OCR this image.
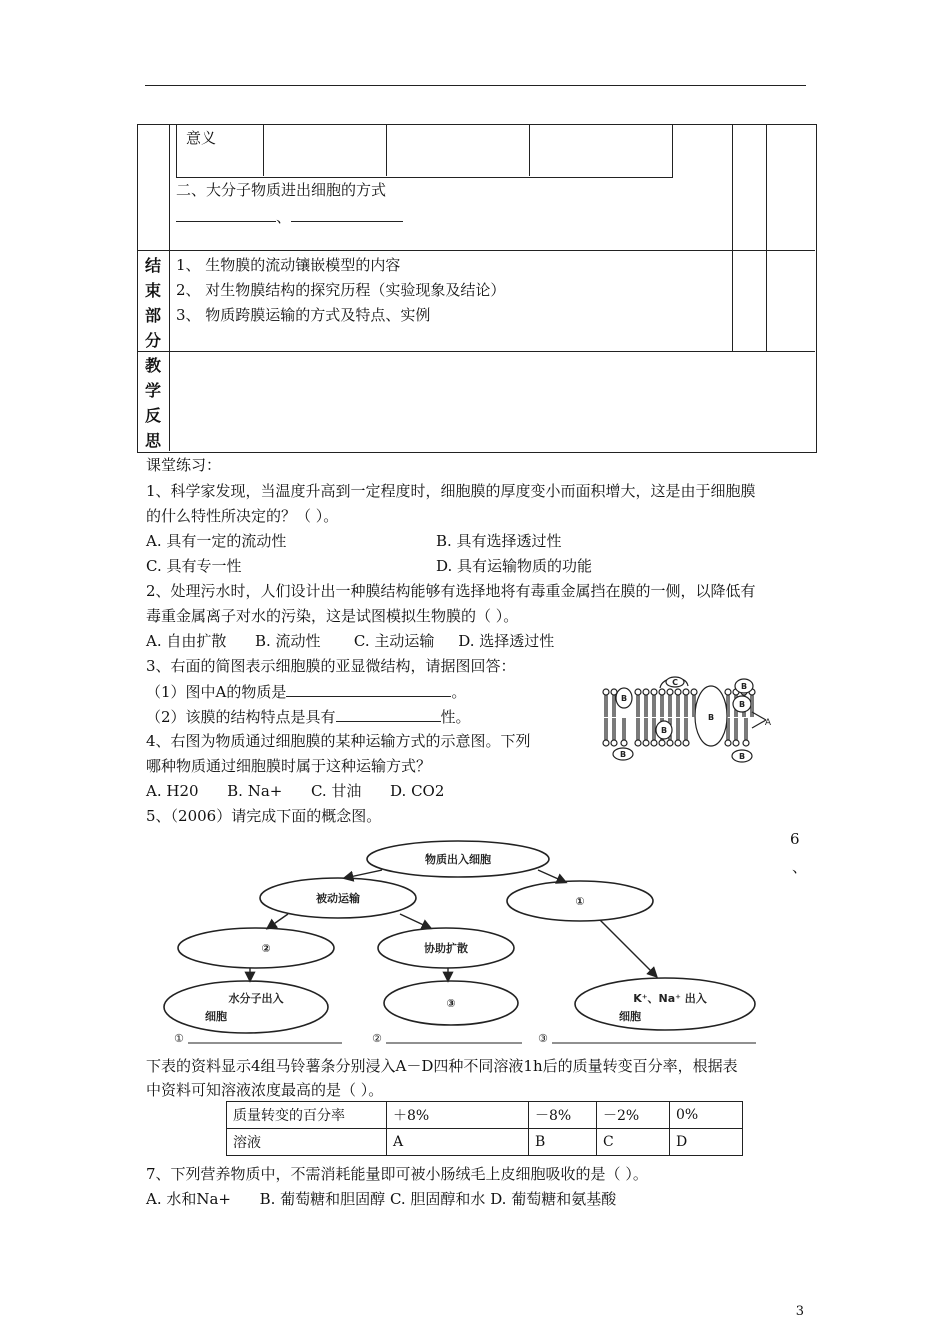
意义
二、大分子物质进出细胞的方式
、
结
束
部
分
1、 生物膜的流动镶嵌模型的内容
2、 对生物膜结构的探究历程（实验现象及结论）
3、 物质跨膜运输的方式及特点、实例
教
学
反
思
课堂练习：
1、科学家发现，当温度升高到一定程度时，细胞膜的厚度变小而面积增大，这是由于细胞膜
的什么特性所决定的？（ ）。
A. 具有一定的流动性	B. 具有选择透过性
C. 具有专一性	D. 具有运输物质的功能
2、处理污水时，人们设计出一种膜结构能够有选择地将有毒重金属挡在膜的一侧，以降低有
毒重金属离子对水的污染，这是试图模拟生物膜的（ ）。
A. 自由扩散      B. 流动性       C. 主动运输     D. 选择透过性
3、右面的简图表示细胞膜的亚显微结构，请据图回答：
（1）图中A的物质是	。
（2）该膜的结构特点是具有	性。
4、右图为物质通过细胞膜的某种运输方式的示意图。下列
哪种物质通过细胞膜时属于这种运输方式？
A. H20      B. Na+      C. 甘油      D. CO2
5、（2006）请完成下面的概念图。
6
、
B
B
B
B
B
B
B
C
A
物质出入细胞
被动运输	①
②	协助扩散
水分子出入
细胞
③	K⁺、Na⁺ 出入
细胞
①	②	③
下表的资料显示4组马铃薯条分别浸入A－D四种不同溶液1h后的质量转变百分率，根据表
中资料可知溶液浓度最高的是（ ）。
质量转变的百分率	＋8%	－8%	－2%	0%
溶液	A	B	C	D
7、下列营养物质中，不需消耗能量即可被小肠绒毛上皮细胞吸收的是（ ）。
A. 水和Na+      B. 葡萄糖和胆固醇 C. 胆固醇和水 D. 葡萄糖和氨基酸
3
